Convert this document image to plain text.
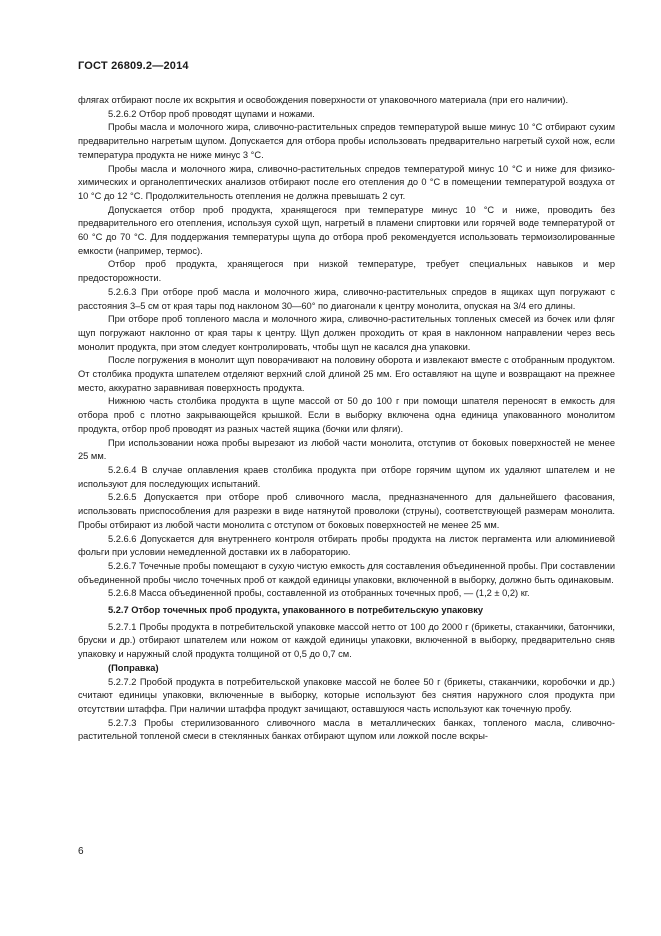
ГОСТ 26809.2—2014

флягах отбирают после их вскрытия и освобождения поверхности от упаковочного материала (при его наличии).

5.2.6.2 Отбор проб проводят щупами и ножами.

Пробы масла и молочного жира, сливочно-растительных спредов температурой выше минус 10 °С отбирают сухим предварительно нагретым щупом. Допускается для отбора пробы использовать предварительно нагретый сухой нож, если температура продукта не ниже минус 3 °С.

Пробы масла и молочного жира, сливочно-растительных спредов температурой минус 10 °С и ниже для физико-химических и органолептических анализов отбирают после его отепления до 0 °С в помещении температурой воздуха от 10 °С до 12 °С. Продолжительность отепления не должна превышать 2 сут.

Допускается отбор проб продукта, хранящегося при температуре минус 10 °С и ниже, проводить без предварительного его отепления, используя сухой щуп, нагретый в пламени спиртовки или горячей воде температурой от 60 °С до 70 °С. Для поддержания температуры щупа до отбора проб рекомендуется использовать термоизолированные емкости (например, термос).

Отбор проб продукта, хранящегося при низкой температуре, требует специальных навыков и мер предосторожности.

5.2.6.3 При отборе проб масла и молочного жира, сливочно-растительных спредов в ящиках щуп погружают с расстояния 3–5 см от края тары под наклоном 30—60° по диагонали к центру монолита, опуская на 3/4 его длины.

При отборе проб топленого масла и молочного жира, сливочно-растительных топленых смесей из бочек или фляг щуп погружают наклонно от края тары к центру. Щуп должен проходить от края в наклонном направлении через весь монолит продукта, при этом следует контролировать, чтобы щуп не касался дна упаковки.

После погружения в монолит щуп поворачивают на половину оборота и извлекают вместе с отобранным продуктом. От столбика продукта шпателем отделяют верхний слой длиной 25 мм. Его оставляют на щупе и возвращают на прежнее место, аккуратно заравнивая поверхность продукта.

Нижнюю часть столбика продукта в щупе массой от 50 до 100 г при помощи шпателя переносят в емкость для отбора проб с плотно закрывающейся крышкой. Если в выборку включена одна единица упакованного монолитом продукта, отбор проб проводят из разных частей ящика (бочки или фляги).

При использовании ножа пробы вырезают из любой части монолита, отступив от боковых поверхностей не менее 25 мм.

5.2.6.4 В случае оплавления краев столбика продукта при отборе горячим щупом их удаляют шпателем и не используют для последующих испытаний.

5.2.6.5 Допускается при отборе проб сливочного масла, предназначенного для дальнейшего фасования, использовать приспособления для разрезки в виде натянутой проволоки (струны), соответствующей размерам монолита. Пробы отбирают из любой части монолита с отступом от боковых поверхностей не менее 25 мм.

5.2.6.6 Допускается для внутреннего контроля отбирать пробы продукта на листок пергамента или алюминиевой фольги при условии немедленной доставки их в лабораторию.

5.2.6.7 Точечные пробы помещают в сухую чистую емкость для составления объединенной пробы. При составлении объединенной пробы число точечных проб от каждой единицы упаковки, включенной в выборку, должно быть одинаковым.

5.2.6.8 Масса объединенной пробы, составленной из отобранных точечных проб, — (1,2 ± 0,2) кг.

5.2.7 Отбор точечных проб продукта, упакованного в потребительскую упаковку

5.2.7.1 Пробы продукта в потребительской упаковке массой нетто от 100 до 2000 г (брикеты, стаканчики, батончики, бруски и др.) отбирают шпателем или ножом от каждой единицы упаковки, включенной в выборку, предварительно сняв упаковку и наружный слой продукта толщиной от 0,5 до 0,7 см.

(Поправка)

5.2.7.2 Пробой продукта в потребительской упаковке массой не более 50 г (брикеты, стаканчики, коробочки и др.) считают единицы упаковки, включенные в выборку, которые используют без снятия наружного слоя продукта при отсутствии штаффа. При наличии штаффа продукт зачищают, оставшуюся часть используют как точечную пробу.

5.2.7.3 Пробы стерилизованного сливочного масла в металлических банках, топленого масла, сливочно-растительной топленой смеси в стеклянных банках отбирают щупом или ложкой после вскры-

6
